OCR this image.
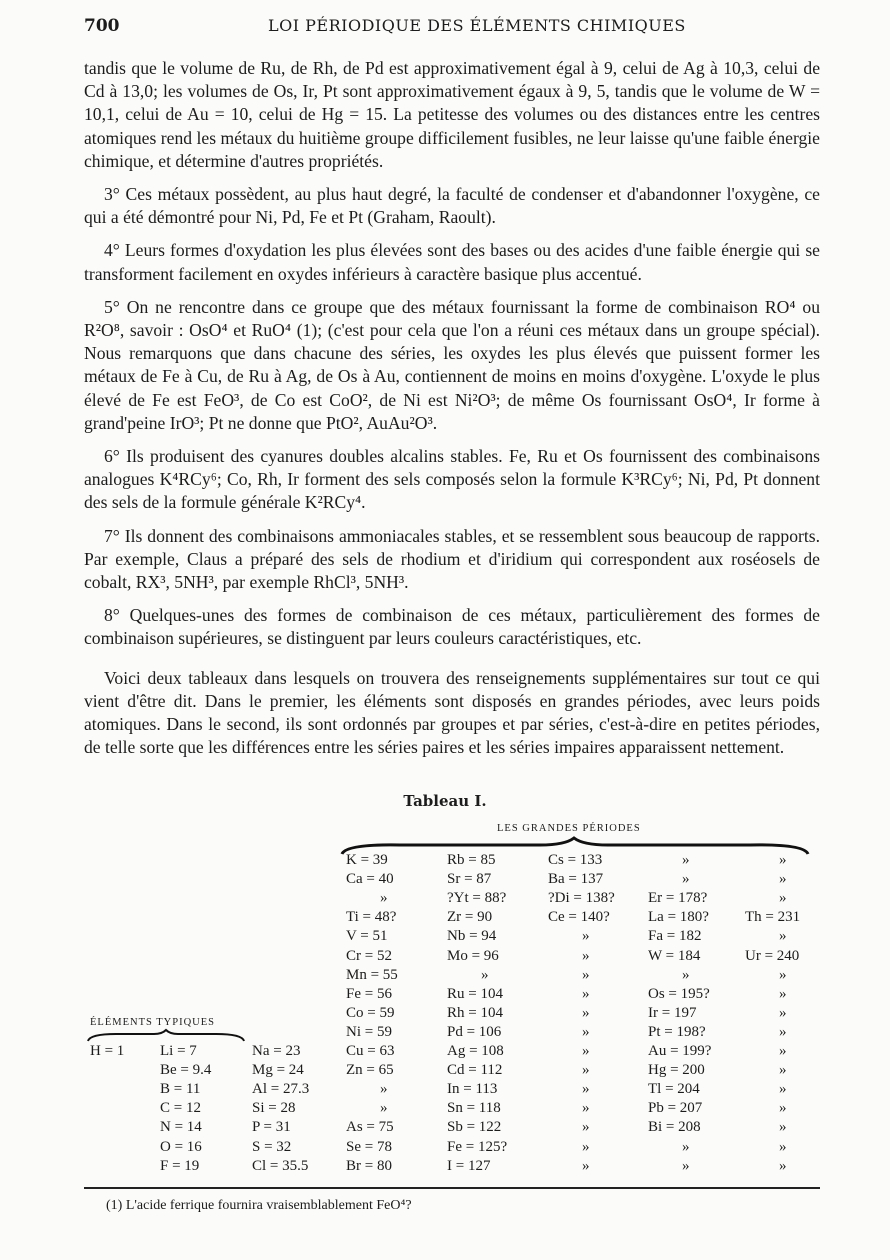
700	LOI PÉRIODIQUE DES ÉLÉMENTS CHIMIQUES

tandis que le volume de Ru, de Rh, de Pd est approximativement égal à 9, celui de Ag à 10,3, celui de Cd à 13,0; les volumes de Os, Ir, Pt sont approximativement égaux à 9, 5, tandis que le volume de W = 10,1, celui de Au = 10, celui de Hg = 15. La petitesse des volumes ou des distances entre les centres atomiques rend les métaux du huitième groupe difficilement fusibles, ne leur laisse qu'une faible énergie chimique, et détermine d'autres propriétés.

3° Ces métaux possèdent, au plus haut degré, la faculté de condenser et d'abandonner l'oxygène, ce qui a été démontré pour Ni, Pd, Fe et Pt (Graham, Raoult).

4° Leurs formes d'oxydation les plus élevées sont des bases ou des acides d'une faible énergie qui se transforment facilement en oxydes inférieurs à caractère basique plus accentué.

5° On ne rencontre dans ce groupe que des métaux fournissant la forme de combinaison RO⁴ ou R²O⁸, savoir : OsO⁴ et RuO⁴ (1); (c'est pour cela que l'on a réuni ces métaux dans un groupe spécial). Nous remarquons que dans chacune des séries, les oxydes les plus élevés que puissent former les métaux de Fe à Cu, de Ru à Ag, de Os à Au, contiennent de moins en moins d'oxygène. L'oxyde le plus élevé de Fe est FeO³, de Co est CoO², de Ni est Ni²O³; de même Os fournissant OsO⁴, Ir forme à grand'peine IrO³; Pt ne donne que PtO², AuAu²O³.

6° Ils produisent des cyanures doubles alcalins stables. Fe, Ru et Os fournissent des combinaisons analogues K⁴RCy⁶; Co, Rh, Ir forment des sels composés selon la formule K³RCy⁶; Ni, Pd, Pt donnent des sels de la formule générale K²RCy⁴.

7° Ils donnent des combinaisons ammoniacales stables, et se ressemblent sous beaucoup de rapports. Par exemple, Claus a préparé des sels de rhodium et d'iridium qui correspondent aux roséosels de cobalt, RX³, 5NH³, par exemple RhCl³, 5NH³.

8° Quelques-unes des formes de combinaison de ces métaux, particulièrement des formes de combinaison supérieures, se distinguent par leurs couleurs caractéristiques, etc.

Voici deux tableaux dans lesquels on trouvera des renseignements supplémentaires sur tout ce qui vient d'être dit. Dans le premier, les éléments sont disposés en grandes périodes, avec leurs poids atomiques. Dans le second, ils sont ordonnés par groupes et par séries, c'est-à-dire en petites périodes, de telle sorte que les différences entre les séries paires et les séries impaires apparaissent nettement.

Tableau I.
LES GRANDES PÉRIODES
ÉLÉMENTS TYPIQUES
K = 39
Ca = 40
»
Ti = 48?
V = 51
Cr = 52
Mn = 55
Fe = 56
Co = 59
Ni = 59
Cu = 63
Zn = 65
»
»
As = 75
Se = 78
Br = 80
Rb = 85
Sr = 87
?Yt = 88?
Zr = 90
Nb = 94
Mo = 96
»
Ru = 104
Rh = 104
Pd = 106
Ag = 108
Cd = 112
In = 113
Sn = 118
Sb = 122
Fe = 125?
I = 127
Cs = 133
Ba = 137
?Di = 138?
Ce = 140?
»
»
»
»
»
»
»
»
»
»
»
»
»
»
»
Er = 178?
La = 180?
Fa = 182
W = 184
»
Os = 195?
Ir = 197
Pt = 198?
Au = 199?
Hg = 200
Tl = 204
Pb = 207
Bi = 208
»
»
»
»
»
Th = 231
»
Ur = 240
»
»
»
»
»
»
»
»
»
»
»
H = 1 Li = 7
Be = 9.4
B = 11
C = 12
N = 14
O = 16
F = 19
Na = 23
Mg = 24
Al = 27.3
Si = 28
P = 31
S = 32
Cl = 35.5
(1) L'acide ferrique fournira vraisemblablement FeO⁴?
